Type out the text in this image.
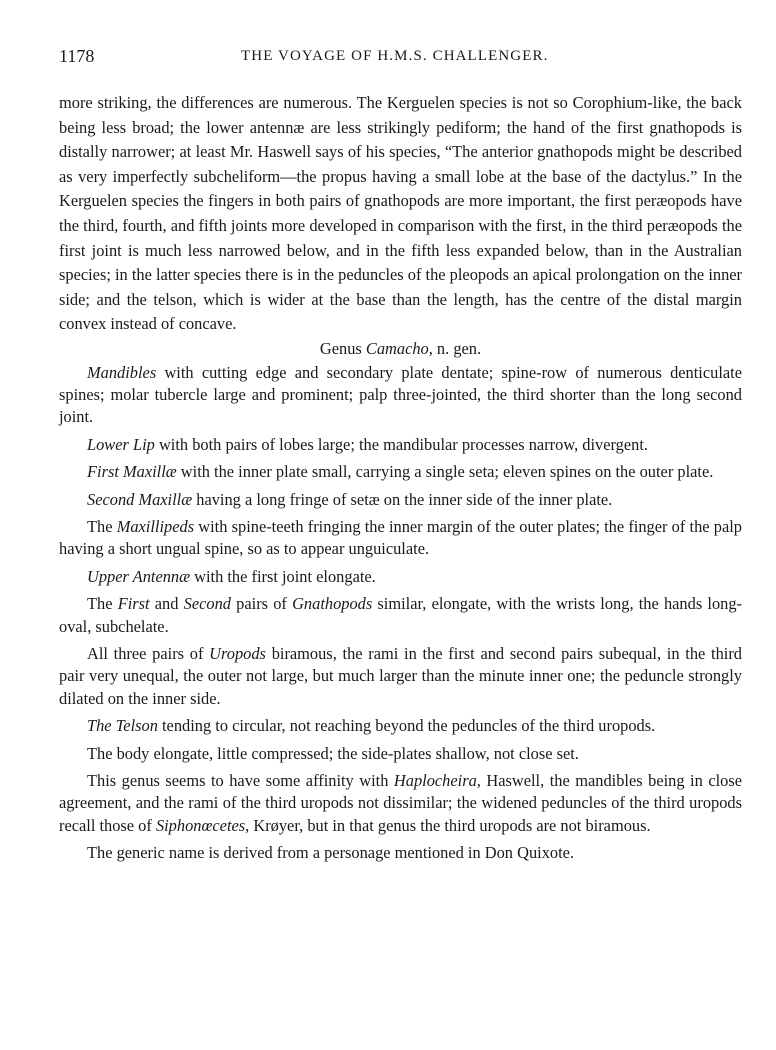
1178	THE VOYAGE OF H.M.S. CHALLENGER.

more striking, the differences are numerous. The Kerguelen species is not so Corophium-like, the back being less broad; the lower antennæ are less strikingly pediform; the hand of the first gnathopods is distally narrower; at least Mr. Haswell says of his species, “The anterior gnathopods might be described as very imperfectly subcheliform—the propus having a small lobe at the base of the dactylus.” In the Kerguelen species the fingers in both pairs of gnathopods are more important, the first peræopods have the third, fourth, and fifth joints more developed in comparison with the first, in the third peræopods the first joint is much less narrowed below, and in the fifth less expanded below, than in the Australian species; in the latter species there is in the peduncles of the pleopods an apical prolongation on the inner side; and the telson, which is wider at the base than the length, has the centre of the distal margin convex instead of concave.

Genus Camacho, n. gen.

Mandibles with cutting edge and secondary plate dentate; spine-row of numerous denticulate spines; molar tubercle large and prominent; palp three-jointed, the third shorter than the long second joint.

Lower Lip with both pairs of lobes large; the mandibular processes narrow, divergent.

First Maxillæ with the inner plate small, carrying a single seta; eleven spines on the outer plate.

Second Maxillæ having a long fringe of setæ on the inner side of the inner plate.

The Maxillipeds with spine-teeth fringing the inner margin of the outer plates; the finger of the palp having a short ungual spine, so as to appear unguiculate.

Upper Antennæ with the first joint elongate.

The First and Second pairs of Gnathopods similar, elongate, with the wrists long, the hands long-oval, subchelate.

All three pairs of Uropods biramous, the rami in the first and second pairs subequal, in the third pair very unequal, the outer not large, but much larger than the minute inner one; the peduncle strongly dilated on the inner side.

The Telson tending to circular, not reaching beyond the peduncles of the third uropods.

The body elongate, little compressed; the side-plates shallow, not close set.

This genus seems to have some affinity with Haplocheira, Haswell, the mandibles being in close agreement, and the rami of the third uropods not dissimilar; the widened peduncles of the third uropods recall those of Siphonœcetes, Krøyer, but in that genus the third uropods are not biramous.

The generic name is derived from a personage mentioned in Don Quixote.
